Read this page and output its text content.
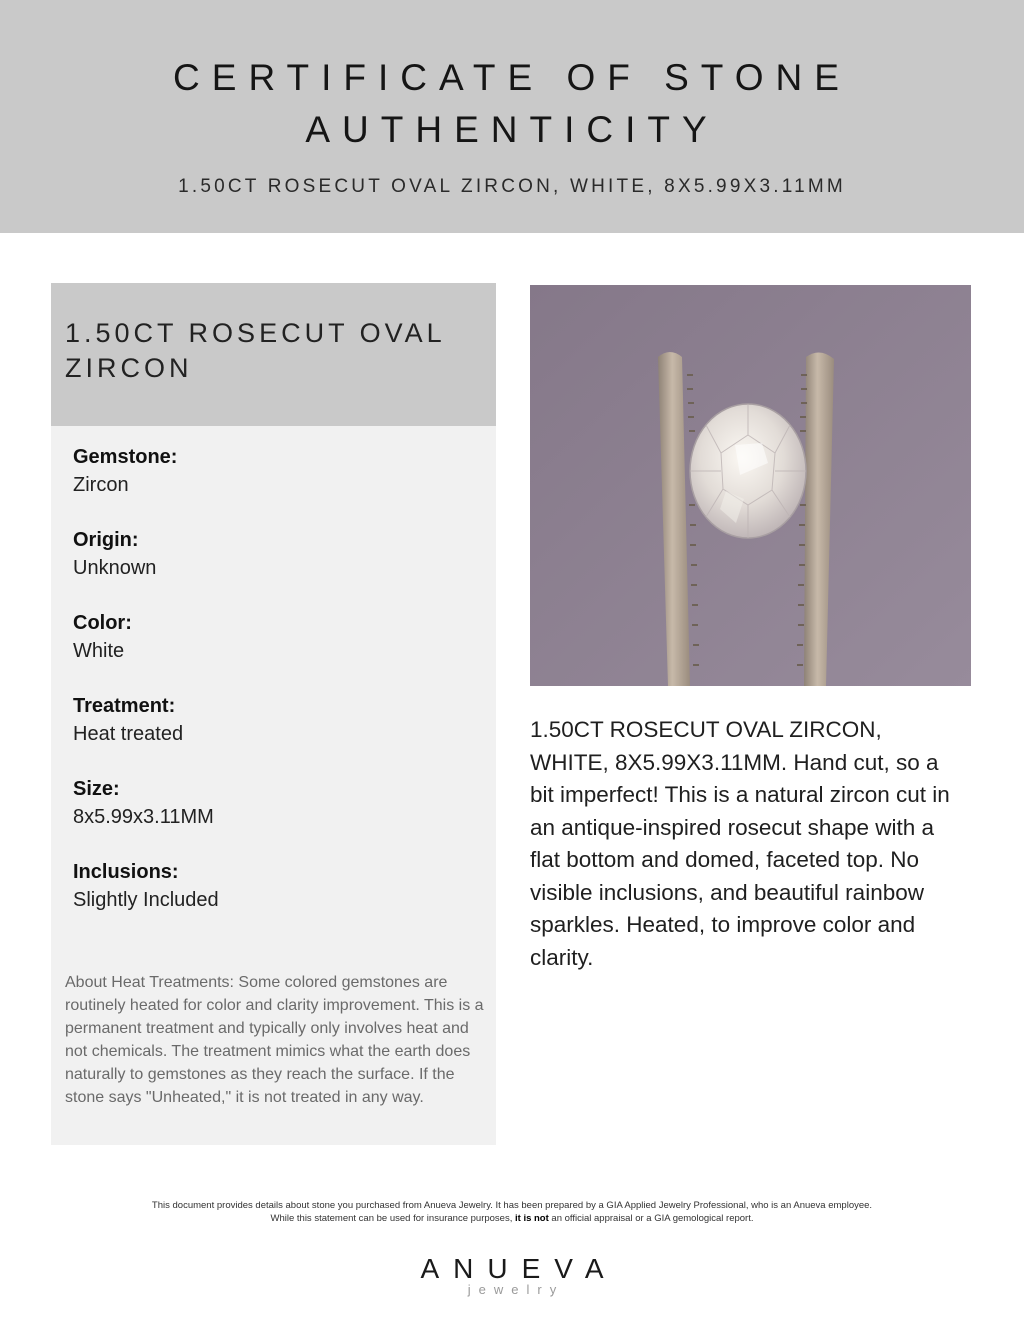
CERTIFICATE OF STONE
AUTHENTICITY
1.50CT ROSECUT OVAL ZIRCON, WHITE, 8X5.99X3.11MM
1.50CT ROSECUT OVAL ZIRCON
Gemstone:
Zircon
Origin:
Unknown
Color:
White
Treatment:
Heat treated
Size:
8x5.99x3.11MM
Inclusions:
Slightly Included
About Heat Treatments: Some colored gemstones are routinely heated for color and clarity improvement. This is a permanent treatment and typically only involves heat and not chemicals. The treatment mimics what the earth does naturally to gemstones as they reach the surface. If the stone says "Unheated," it is not treated in any way.
1.50CT ROSECUT OVAL ZIRCON, WHITE, 8X5.99X3.11MM. Hand cut, so a bit imperfect! This is a natural zircon cut in an antique-inspired rosecut shape with a flat bottom and domed, faceted top. No visible inclusions, and beautiful rainbow sparkles. Heated, to improve color and clarity.
This document provides details about stone you purchased from Anueva Jewelry. It has been prepared by a GIA Applied Jewelry Professional, who is an Anueva employee.
While this statement can be used for insurance purposes, it is not an official appraisal or a GIA gemological report.
ANUEVA
jewelry
